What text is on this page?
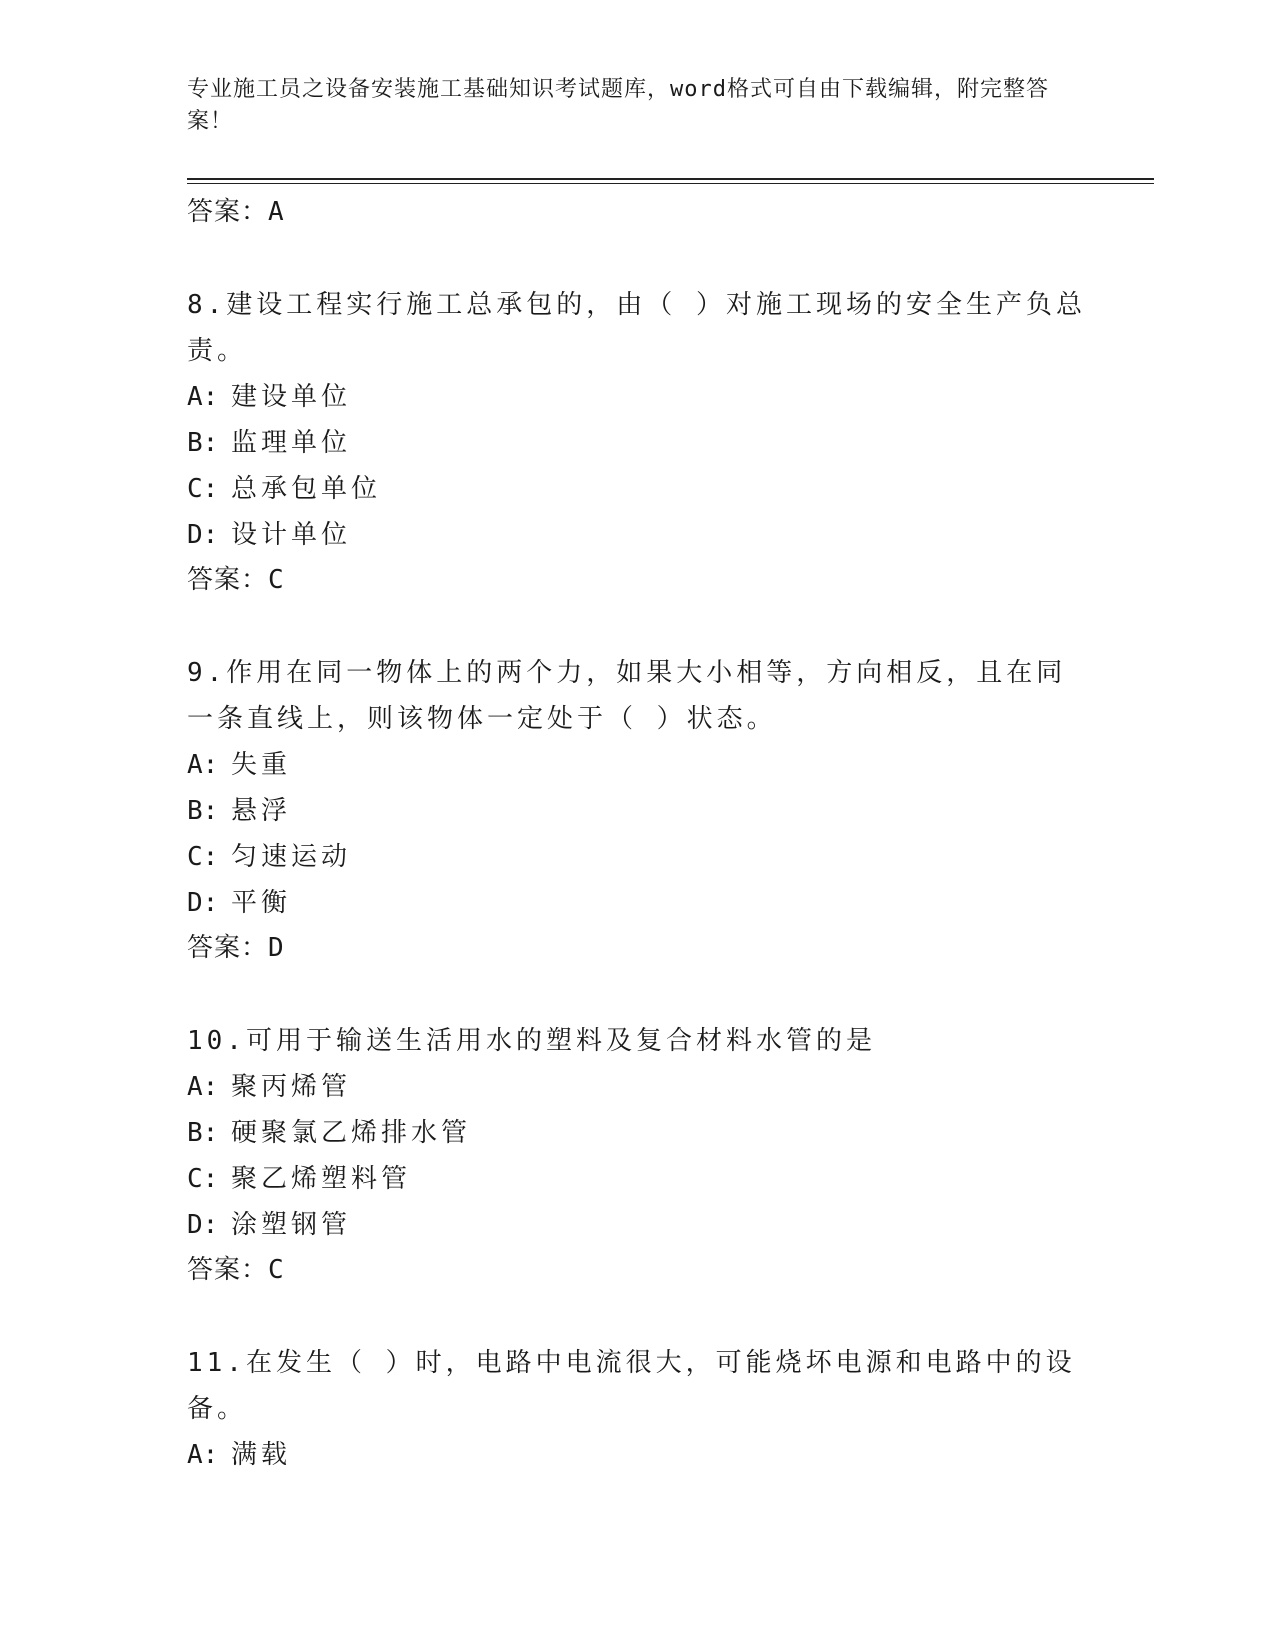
专业施工员之设备安装施工基础知识考试题库，word格式可自由下载编辑，附完整答案！
答案：A
8.建设工程实行施工总承包的，由（ ）对施工现场的安全生产负总责。
A: 建设单位
B: 监理单位
C: 总承包单位
D: 设计单位
答案：C
9.作用在同一物体上的两个力，如果大小相等，方向相反，且在同一条直线上，则该物体一定处于（ ）状态。
A: 失重
B: 悬浮
C: 匀速运动
D: 平衡
答案：D
10.可用于输送生活用水的塑料及复合材料水管的是
A: 聚丙烯管
B: 硬聚氯乙烯排水管
C: 聚乙烯塑料管
D: 涂塑钢管
答案：C
11.在发生（ ）时，电路中电流很大，可能烧坏电源和电路中的设备。
A: 满载
